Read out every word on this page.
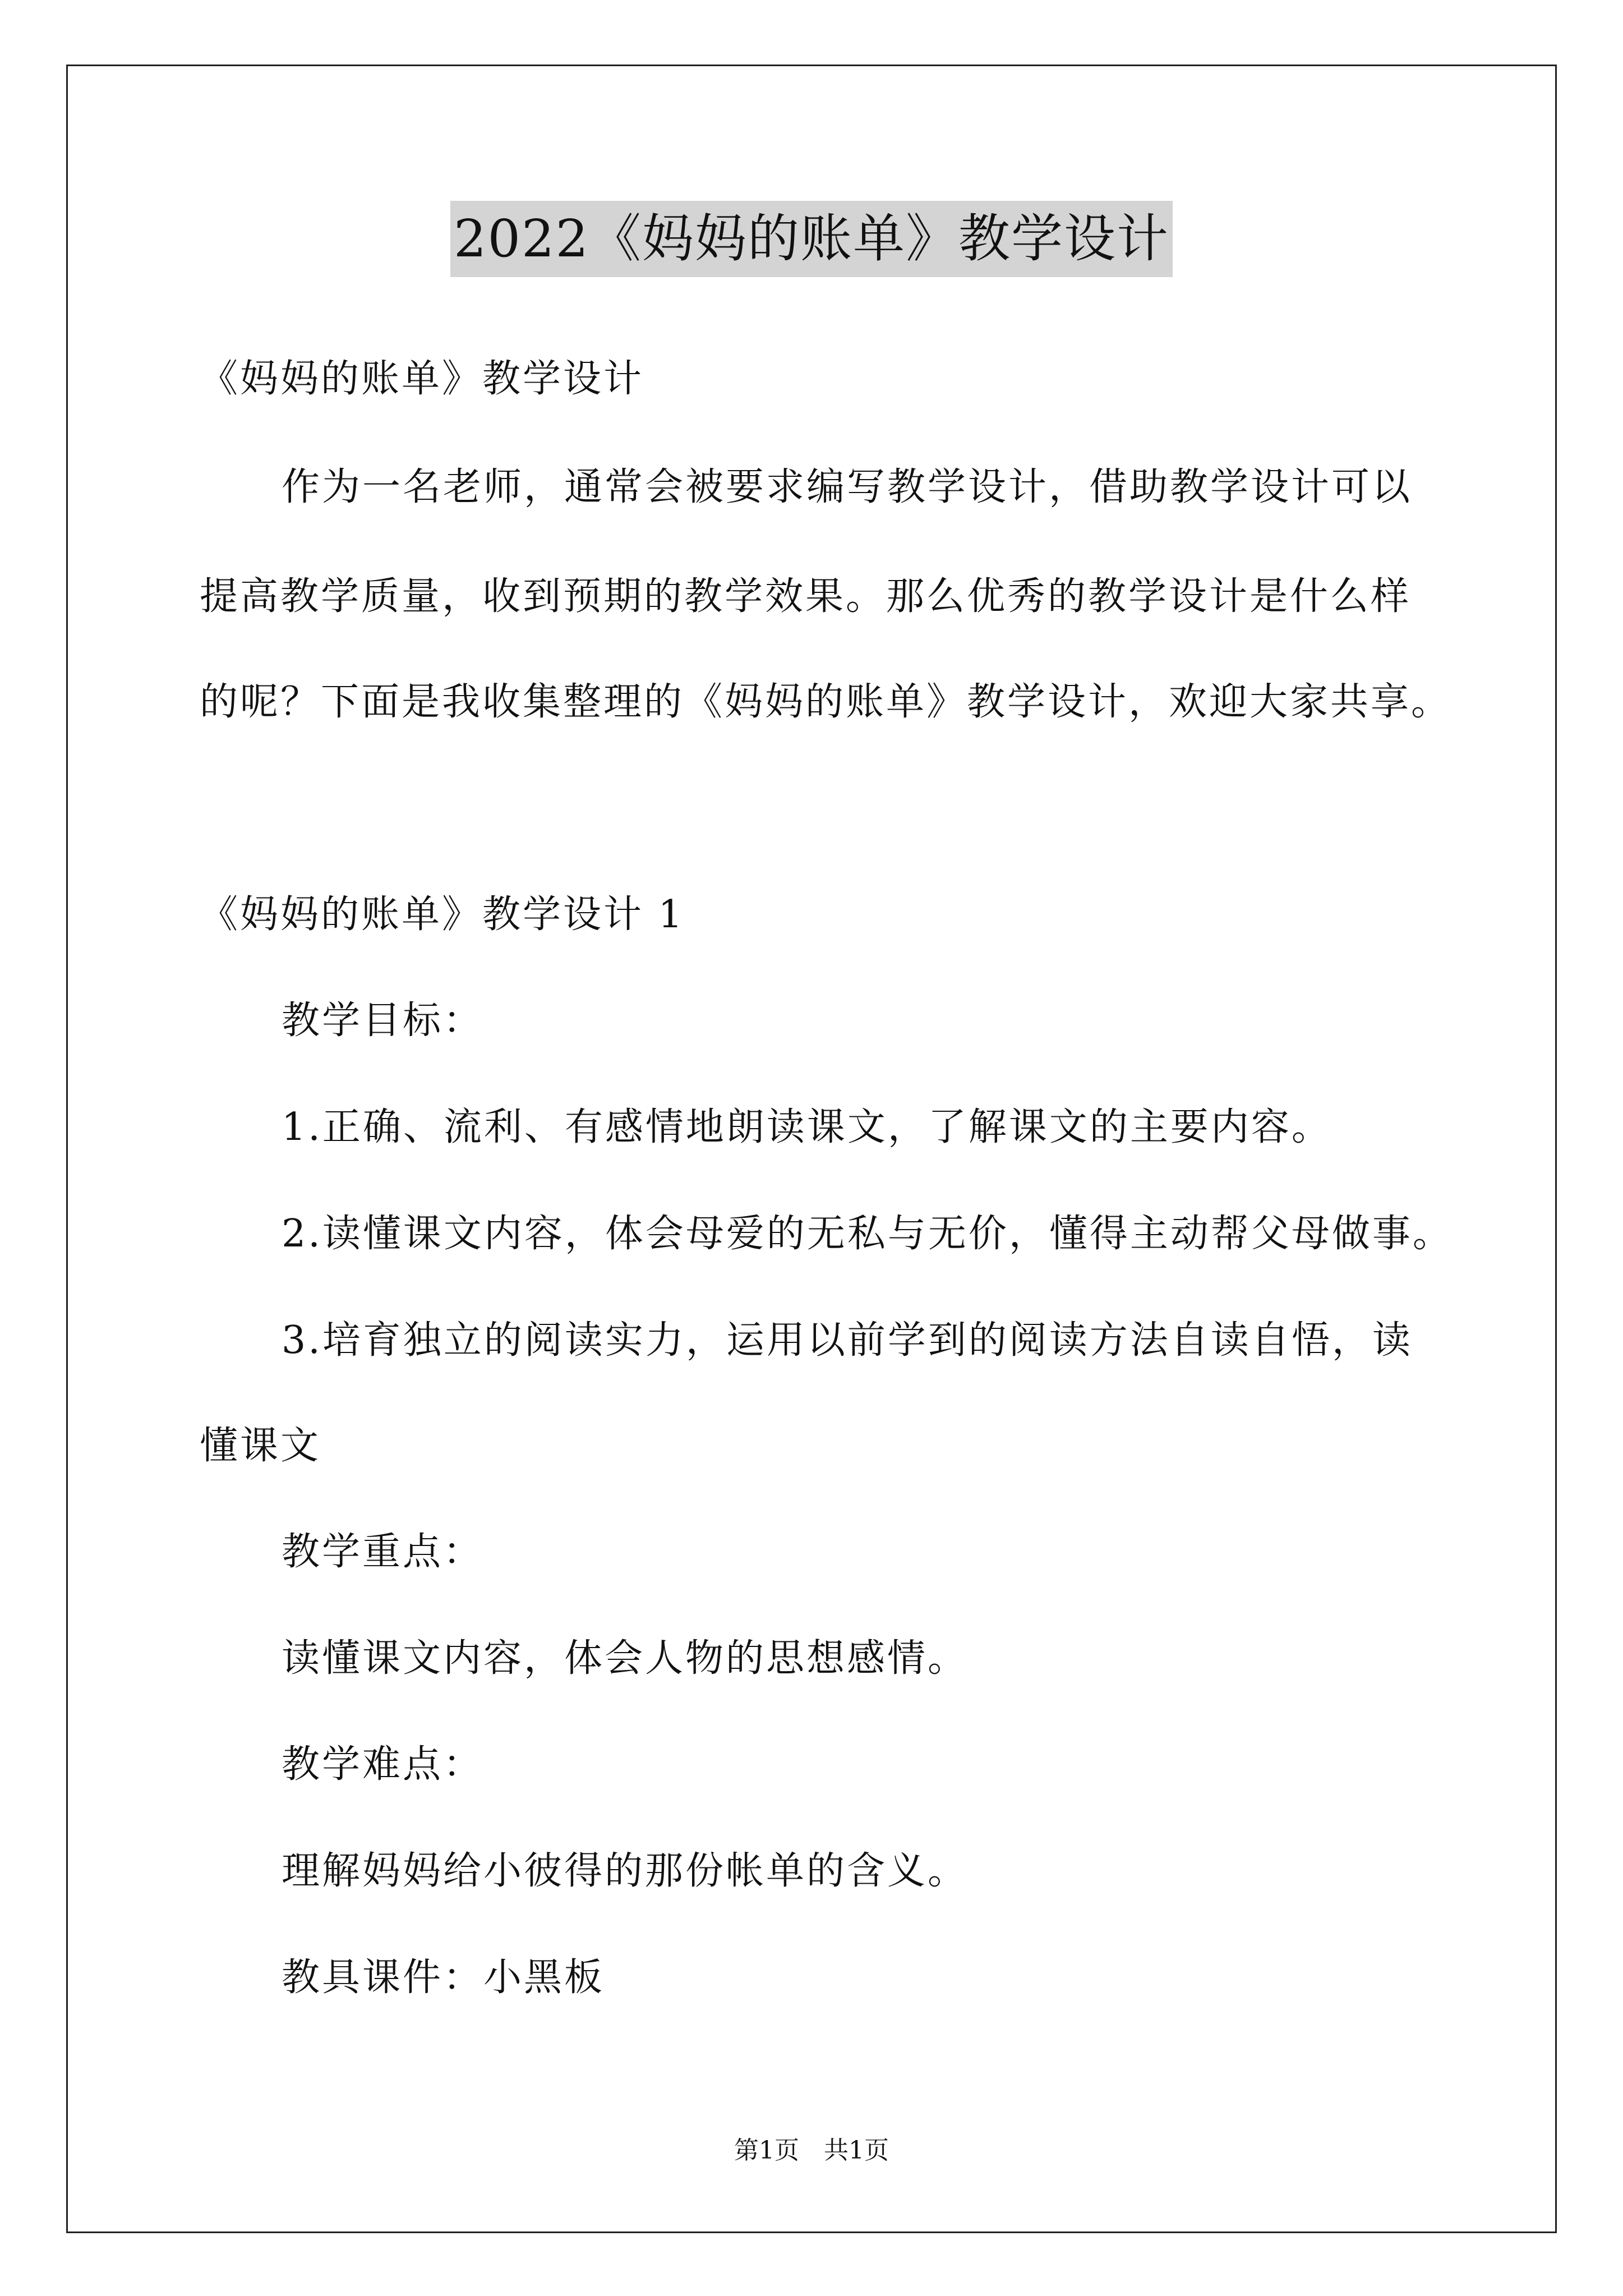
2022《妈妈的账单》教学设计
《妈妈的账单》教学设计
作为一名老师，通常会被要求编写教学设计，借助教学设计可以
提高教学质量，收到预期的教学效果。那么优秀的教学设计是什么样
的呢？下面是我收集整理的《妈妈的账单》教学设计，欢迎大家共享。
《妈妈的账单》教学设计 1
教学目标：
1.正确、流利、有感情地朗读课文，了解课文的主要内容。
2.读懂课文内容，体会母爱的无私与无价，懂得主动帮父母做事。
3.培育独立的阅读实力，运用以前学到的阅读方法自读自悟，读
懂课文
教学重点：
读懂课文内容，体会人物的思想感情。
教学难点：
理解妈妈给小彼得的那份帐单的含义。
教具课件：小黑板
第1页　共1页
